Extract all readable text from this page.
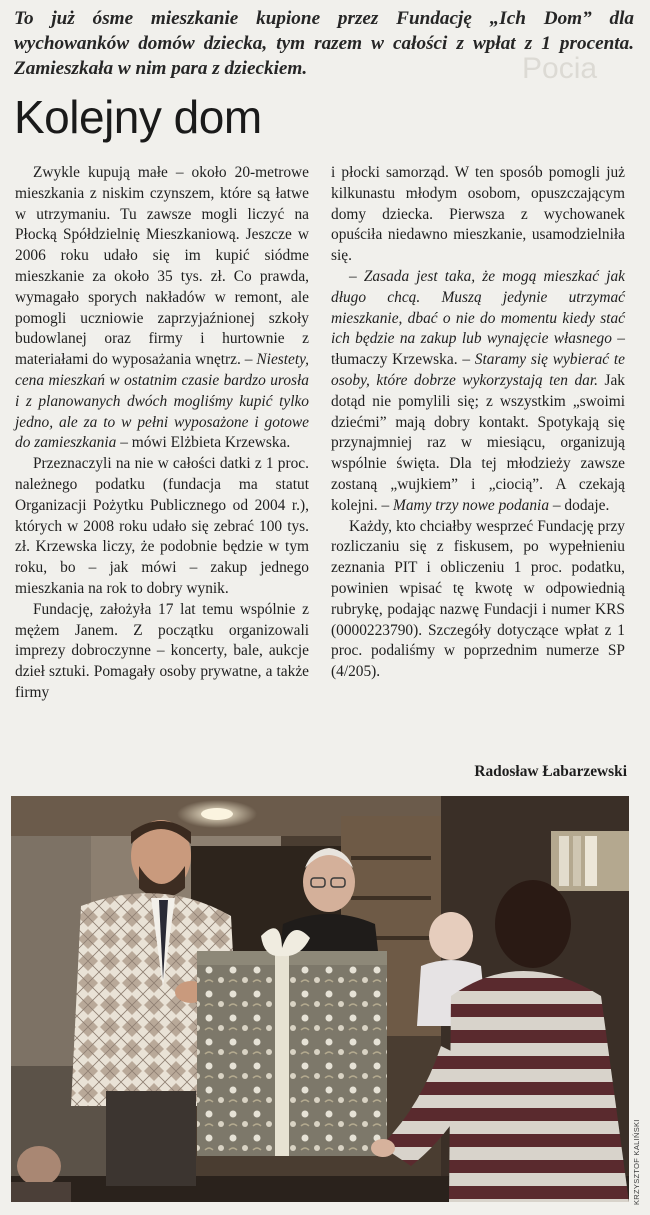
Pocia
To już ósme mieszkanie kupione przez Fundację „Ich Dom” dla wychowanków domów dziecka, tym razem w całości z wpłat z 1 procenta. Zamieszkała w nim para z dzieckiem.
Kolejny dom

Zwykle kupują małe – około 20-metrowe mieszkania z niskim czynszem, które są łatwe w utrzymaniu. Tu zawsze mogli liczyć na Płocką Spółdzielnię Mieszkaniową. Jeszcze w 2006 roku udało się im kupić siódme mieszkanie za około 35 tys. zł. Co prawda, wymagało sporych nakładów w remont, ale pomogli uczniowie zaprzyjaźnionej szkoły budowlanej oraz firmy i hurtownie z materiałami do wyposażania wnętrz. – Niestety, cena mieszkań w ostatnim czasie bardzo urosła i z planowanych dwóch mogliśmy kupić tylko jedno, ale za to w pełni wyposażone i gotowe do zamieszkania – mówi Elżbieta Krzewska.

Przeznaczyli na nie w całości datki z 1 proc. należnego podatku (fundacja ma statut Organizacji Pożytku Publicznego od 2004 r.), których w 2008 roku udało się zebrać 100 tys. zł. Krzewska liczy, że podobnie będzie w tym roku, bo – jak mówi – zakup jednego mieszkania na rok to dobry wynik.

Fundację, założyła 17 lat temu wspólnie z mężem Janem. Z początku organizowali imprezy dobroczynne – koncerty, bale, aukcje dzieł sztuki. Pomagały osoby prywatne, a także firmy

i płocki samorząd. W ten sposób pomogli już kilkunastu młodym osobom, opuszczającym domy dziecka. Pierwsza z wychowanek opuściła niedawno mieszkanie, usamodzielniła się.

– Zasada jest taka, że mogą mieszkać jak długo chcą. Muszą jedynie utrzymać mieszkanie, dbać o nie do momentu kiedy stać ich będzie na zakup lub wynajęcie własnego – tłumaczy Krzewska. – Staramy się wybierać te osoby, które dobrze wykorzystają ten dar. Jak dotąd nie pomylili się; z wszystkim „swoimi dziećmi” mają dobry kontakt. Spotykają się przynajmniej raz w miesiącu, organizują wspólnie święta. Dla tej młodzieży zawsze zostaną „wujkiem” i „ciocią”. A czekają kolejni. – Mamy trzy nowe podania – dodaje.

Każdy, kto chciałby wesprzeć Fundację przy rozliczaniu się z fiskusem, po wypełnieniu zeznania PIT i obliczeniu 1 proc. podatku, powinien wpisać tę kwotę w odpowiednią rubrykę, podając nazwę Fundacji i numer KRS (0000223790). Szczegóły dotyczące wpłat z 1 proc. podaliśmy w poprzednim numerze SP (4/205).

Radosław Łabarzewski
KRZYSZTOF KALIŃSKI
